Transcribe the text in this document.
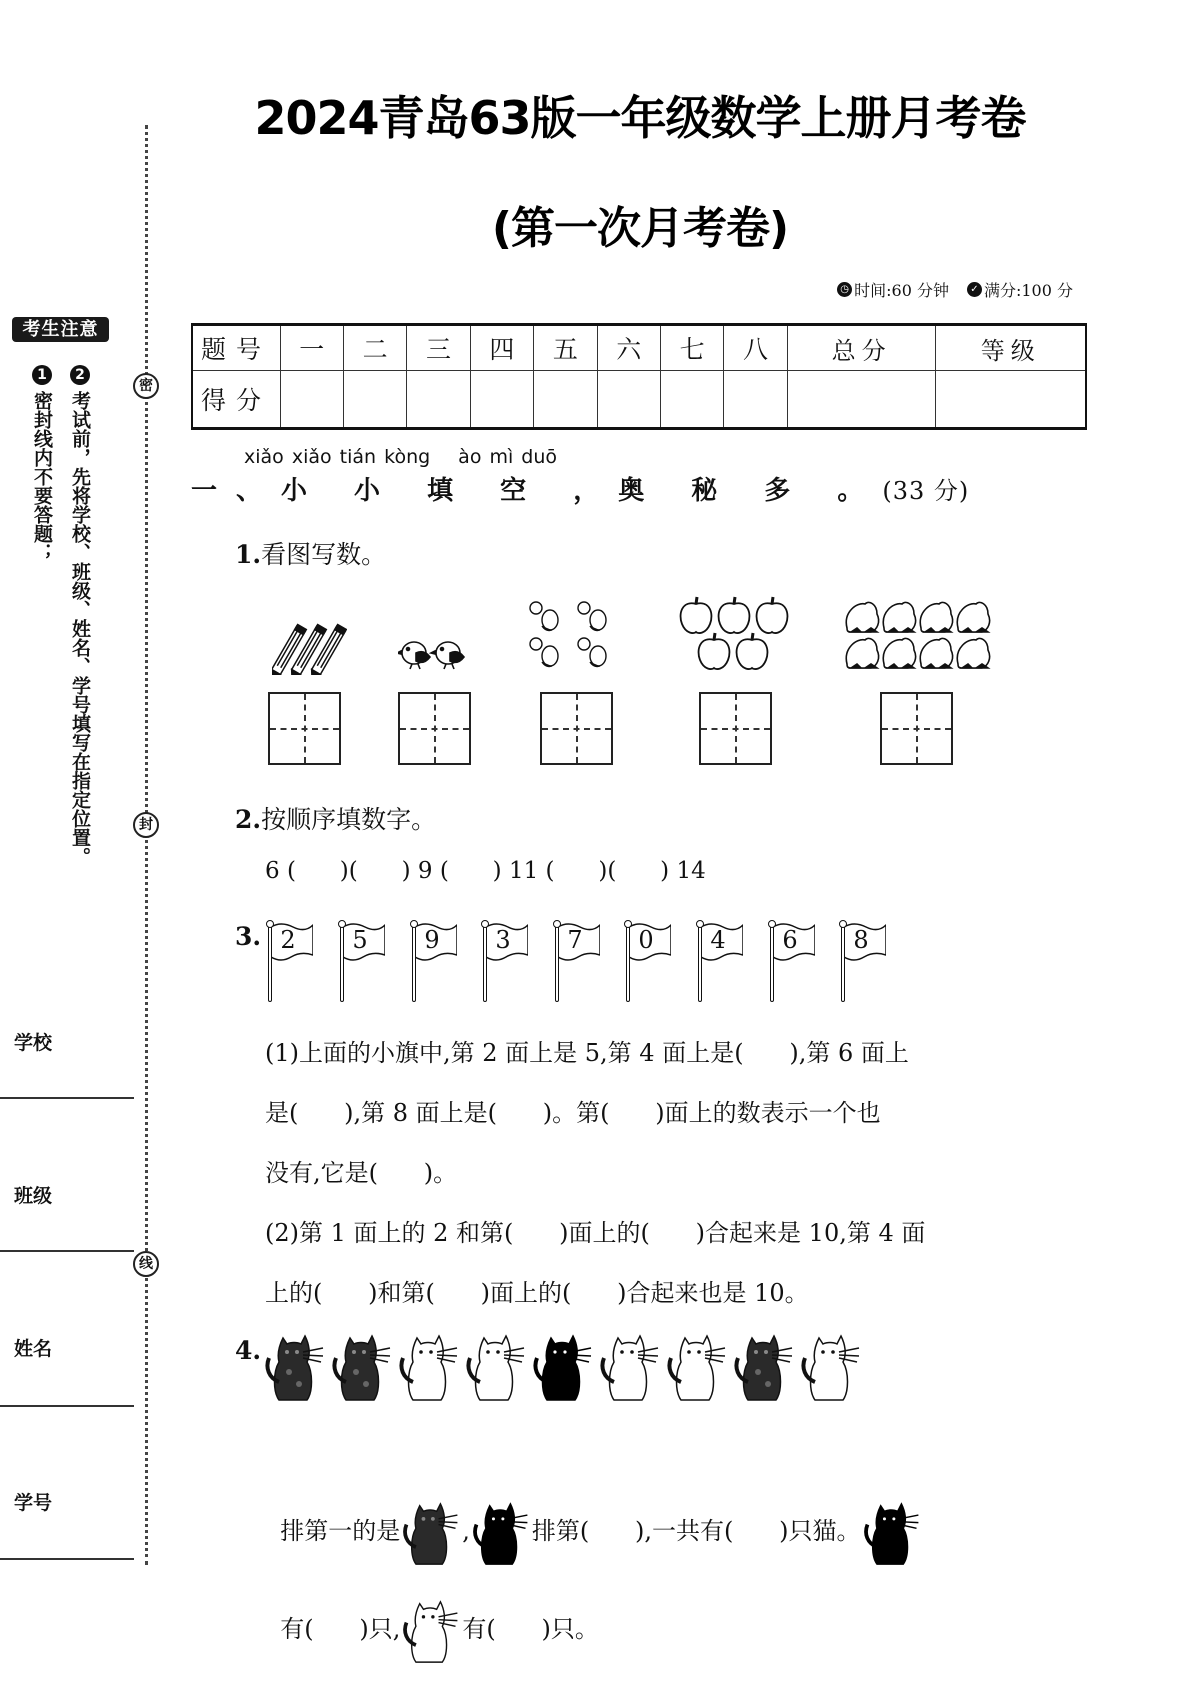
考生注意
1
密封线内不要答题；
2
考试前，先将学校、班级、姓名、学号填写在指定位置。
密
封
线
学校
班级
姓名
学号
2024青岛63版一年级数学上册月考卷
(第一次月考卷)
◷ 时间:60 分钟	✓ 满分:100 分
题号	一	二	三	四	五	六	七	八	总分	等级
得分										
xiǎo xiǎo tián kòng ào mì duō
一、小 小 填 空 ，奥 秘 多 。(33 分)
1.看图写数。
2.按顺序填数字。
6 (      )(      ) 9 (      ) 11 (      )(      ) 14
3. 2 5 9 3 7 0 4 6 8
(1)上面的小旗中,第 2 面上是 5,第 4 面上是(      ),第 6 面上
是(      ),第 8 面上是(      )。第(      )面上的数表示一个也
没有,它是(      )。
(2)第 1 面上的 2 和第(      )面上的(      )合起来是 10,第 4 面
上的(      )和第(      )面上的(      )合起来也是 10。
4.

排第一的是	,	排第(      ),一共有(      )只猫。

有(      )只,	有(      )只。
